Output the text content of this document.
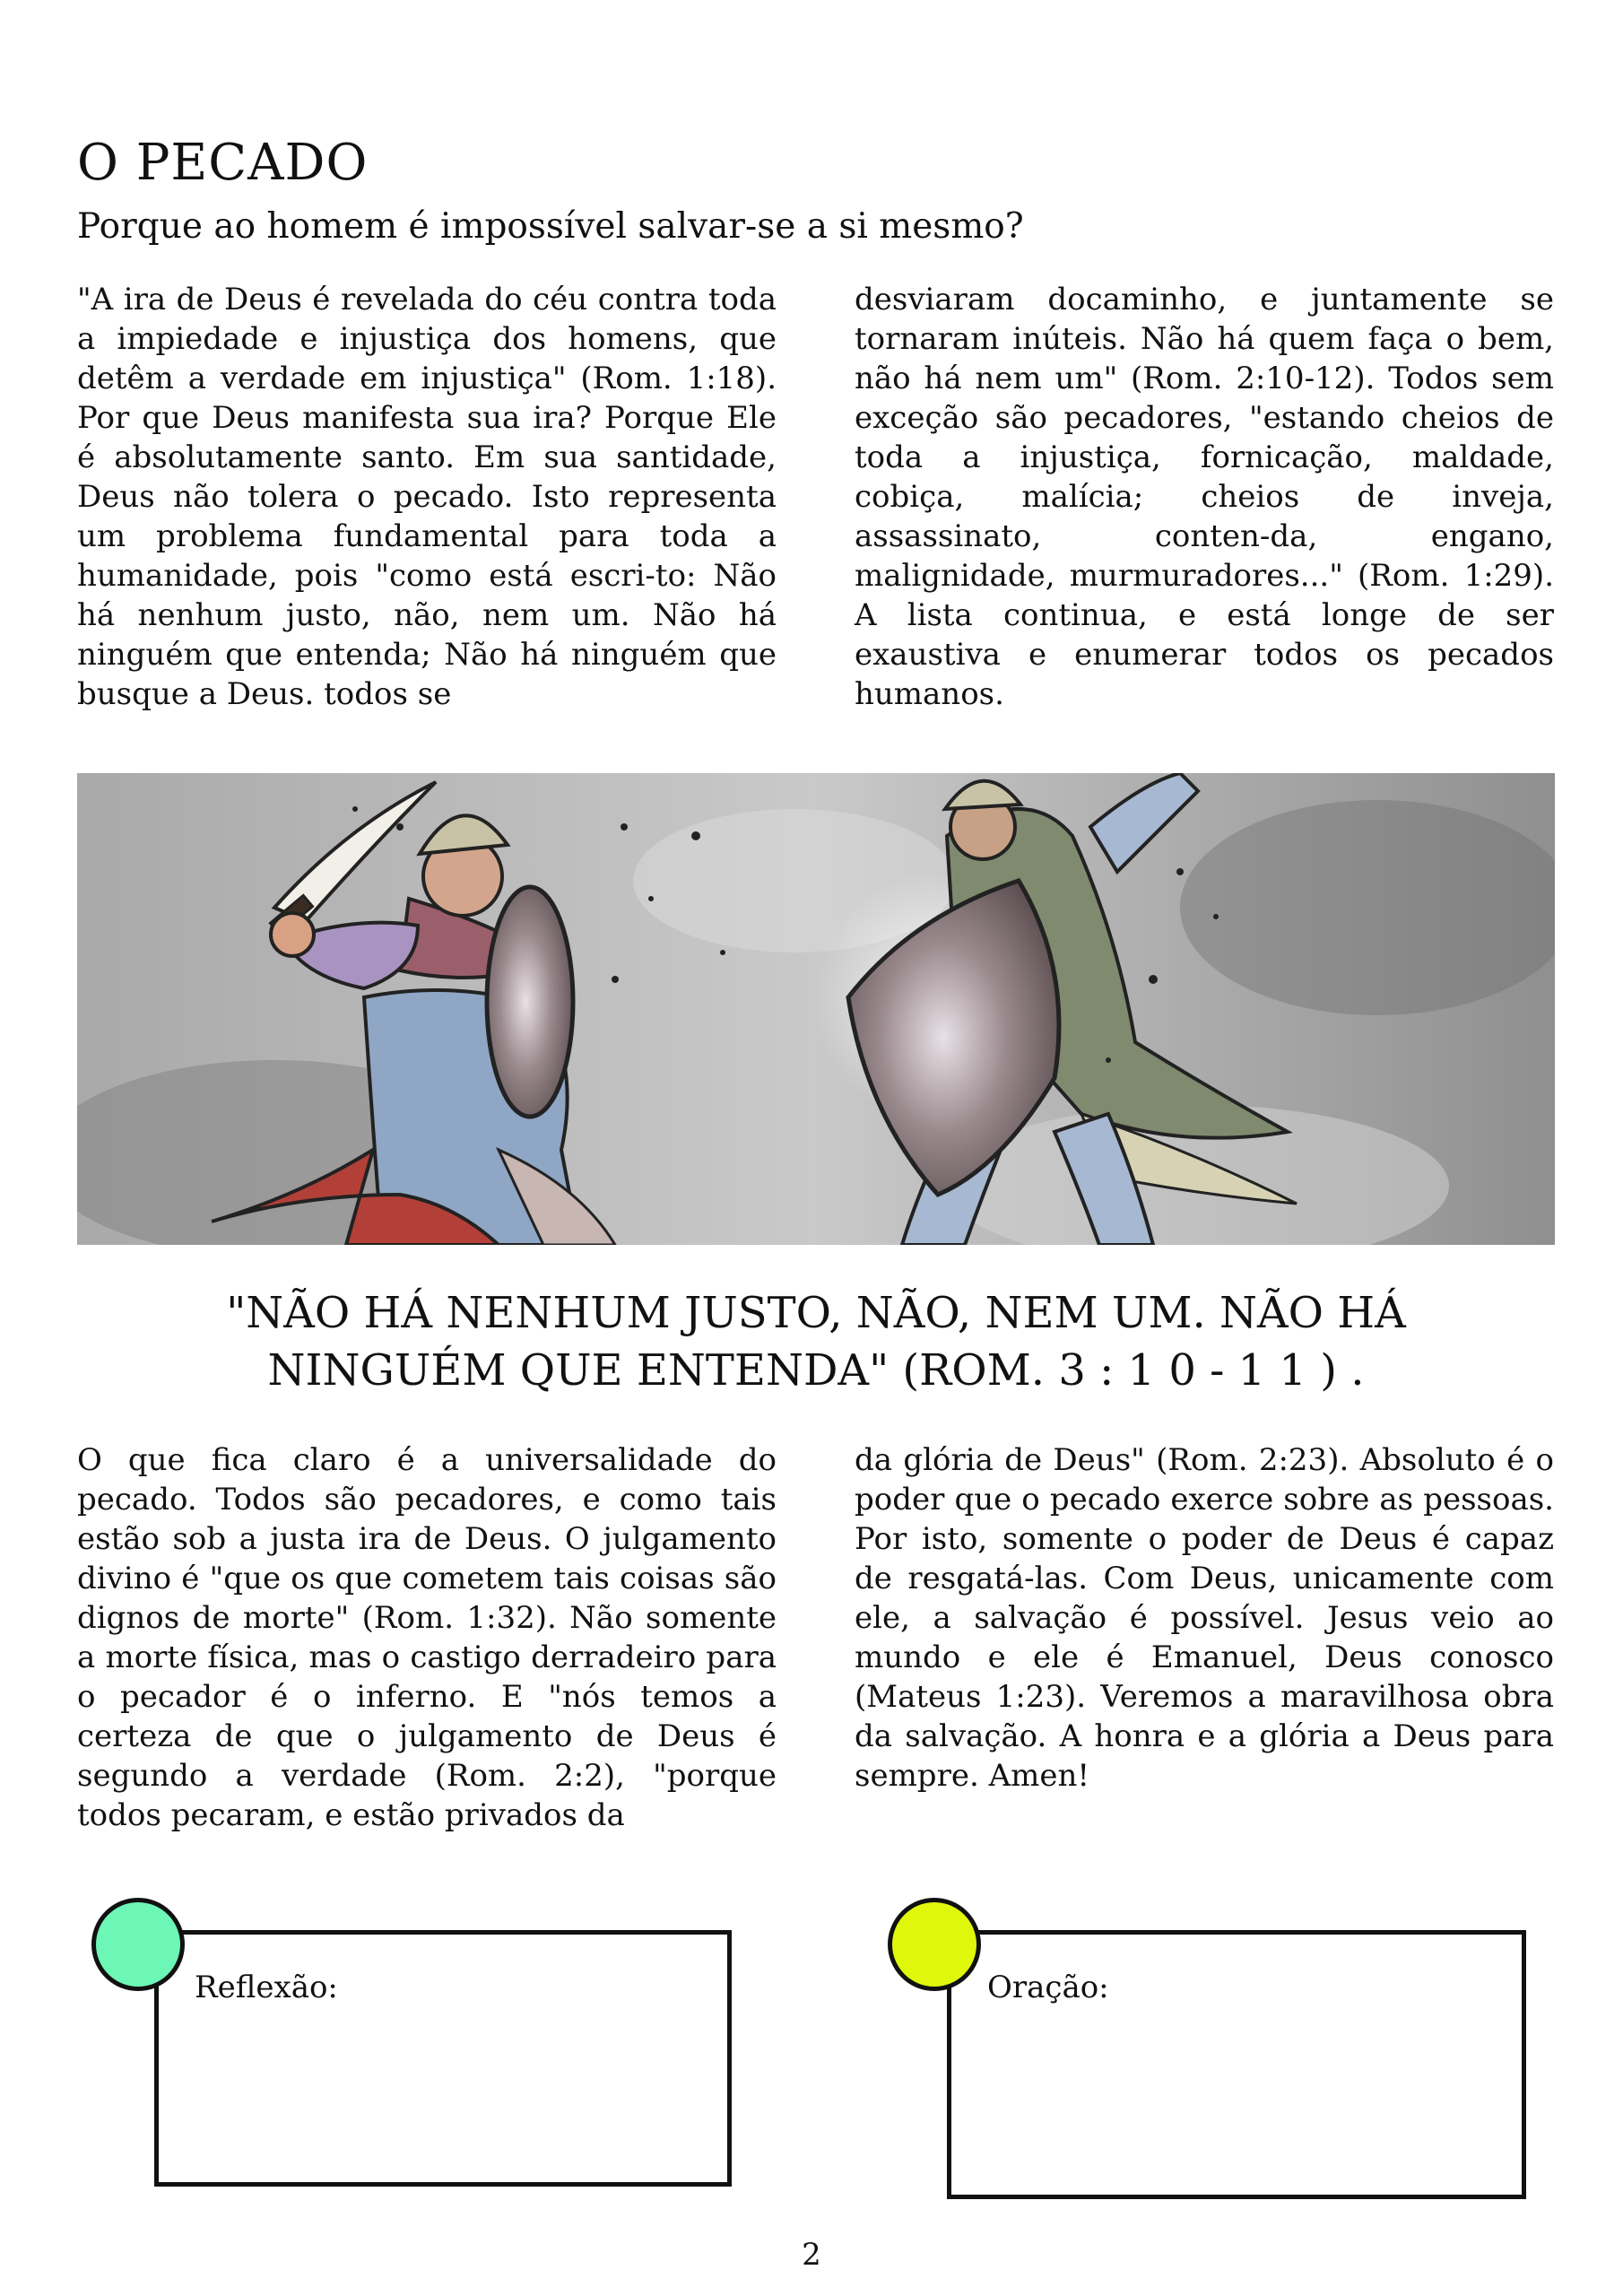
O PECADO
Porque ao homem é impossível salvar-se a si mesmo?

"A ira de Deus é revelada do céu contra toda a impiedade e injustiça dos homens, que detêm a verdade em injustiça" (Rom. 1:18). Por que Deus manifesta sua ira? Porque Ele é absolutamente santo. Em sua santidade, Deus não tolera o pecado. Isto representa um problema fundamental para toda a humanidade, pois "como está escri-to: Não há nenhum justo, não, nem um. Não há ninguém que entenda; Não há ninguém que busque a Deus. todos se

desviaram docaminho, e juntamente se tornaram inúteis. Não há quem faça o bem, não há nem um" (Rom. 2:10-12). Todos sem exceção são pecadores, "estando cheios de toda a injustiça, fornicação, maldade, cobiça, malícia; cheios de inveja, assassinato, conten-da, engano, malignidade, murmuradores..." (Rom. 1:29). A lista continua, e está longe de ser exaustiva e enumerar todos os pecados humanos.

"NÃO HÁ NENHUM JUSTO, NÃO, NEM UM. NÃO HÁ
NINGUÉM QUE ENTENDA" (ROM. 3 : 1 0 - 1 1 ) .

O que fica claro é a universalidade do pecado. Todos são pecadores, e como tais estão sob a justa ira de Deus. O julgamento divino é "que os que cometem tais coisas são dignos de morte" (Rom. 1:32). Não somente a morte física, mas o castigo derradeiro para o pecador é o inferno. E "nós temos a certeza de que o julgamento de Deus é segundo a verdade (Rom. 2:2), "porque todos pecaram, e estão privados da

da glória de Deus" (Rom. 2:23). Absoluto é o poder que o pecado exerce sobre as pessoas. Por isto, somente o poder de Deus é capaz de resgatá-las. Com Deus, unicamente com ele, a salvação é possível. Jesus veio ao mundo e ele é Emanuel, Deus conosco (Mateus 1:23). Veremos a maravilhosa obra da salvação. A honra e a glória a Deus para sempre. Amen!

Reflexão:	Oração:
2
